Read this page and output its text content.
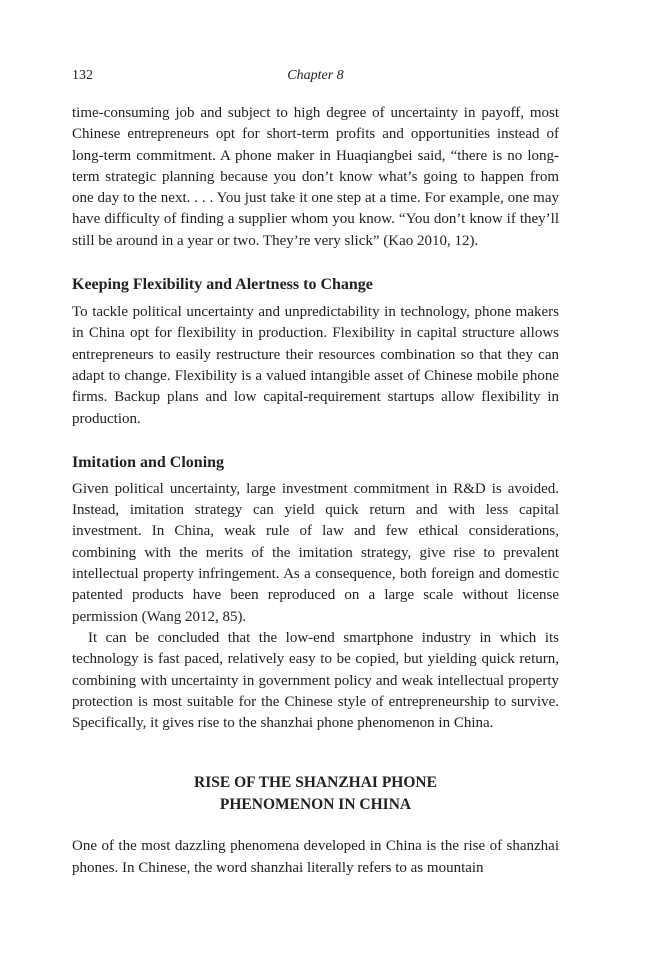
132	Chapter 8

time-consuming job and subject to high degree of uncertainty in payoff, most Chinese entrepreneurs opt for short-term profits and opportunities instead of long-term commitment. A phone maker in Huaqiangbei said, “there is no long-term strategic planning because you don’t know what’s going to happen from one day to the next. . . . You just take it one step at a time. For example, one may have difficulty of finding a supplier whom you know. “You don’t know if they’ll still be around in a year or two. They’re very slick” (Kao 2010, 12).

Keeping Flexibility and Alertness to Change

To tackle political uncertainty and unpredictability in technology, phone makers in China opt for flexibility in production. Flexibility in capital structure allows entrepreneurs to easily restructure their resources combination so that they can adapt to change. Flexibility is a valued intangible asset of Chinese mobile phone firms. Backup plans and low capital-requirement startups allow flexibility in production.

Imitation and Cloning

Given political uncertainty, large investment commitment in R&D is avoided. Instead, imitation strategy can yield quick return and with less capital investment. In China, weak rule of law and few ethical considerations, combining with the merits of the imitation strategy, give rise to prevalent intellectual property infringement. As a consequence, both foreign and domestic patented products have been reproduced on a large scale without license permission (Wang 2012, 85).

It can be concluded that the low-end smartphone industry in which its technology is fast paced, relatively easy to be copied, but yielding quick return, combining with uncertainty in government policy and weak intellectual property protection is most suitable for the Chinese style of entrepreneurship to survive. Specifically, it gives rise to the shanzhai phone phenomenon in China.

RISE OF THE SHANZHAI PHONE
PHENOMENON IN CHINA

One of the most dazzling phenomena developed in China is the rise of shanzhai phones. In Chinese, the word shanzhai literally refers to as mountain
